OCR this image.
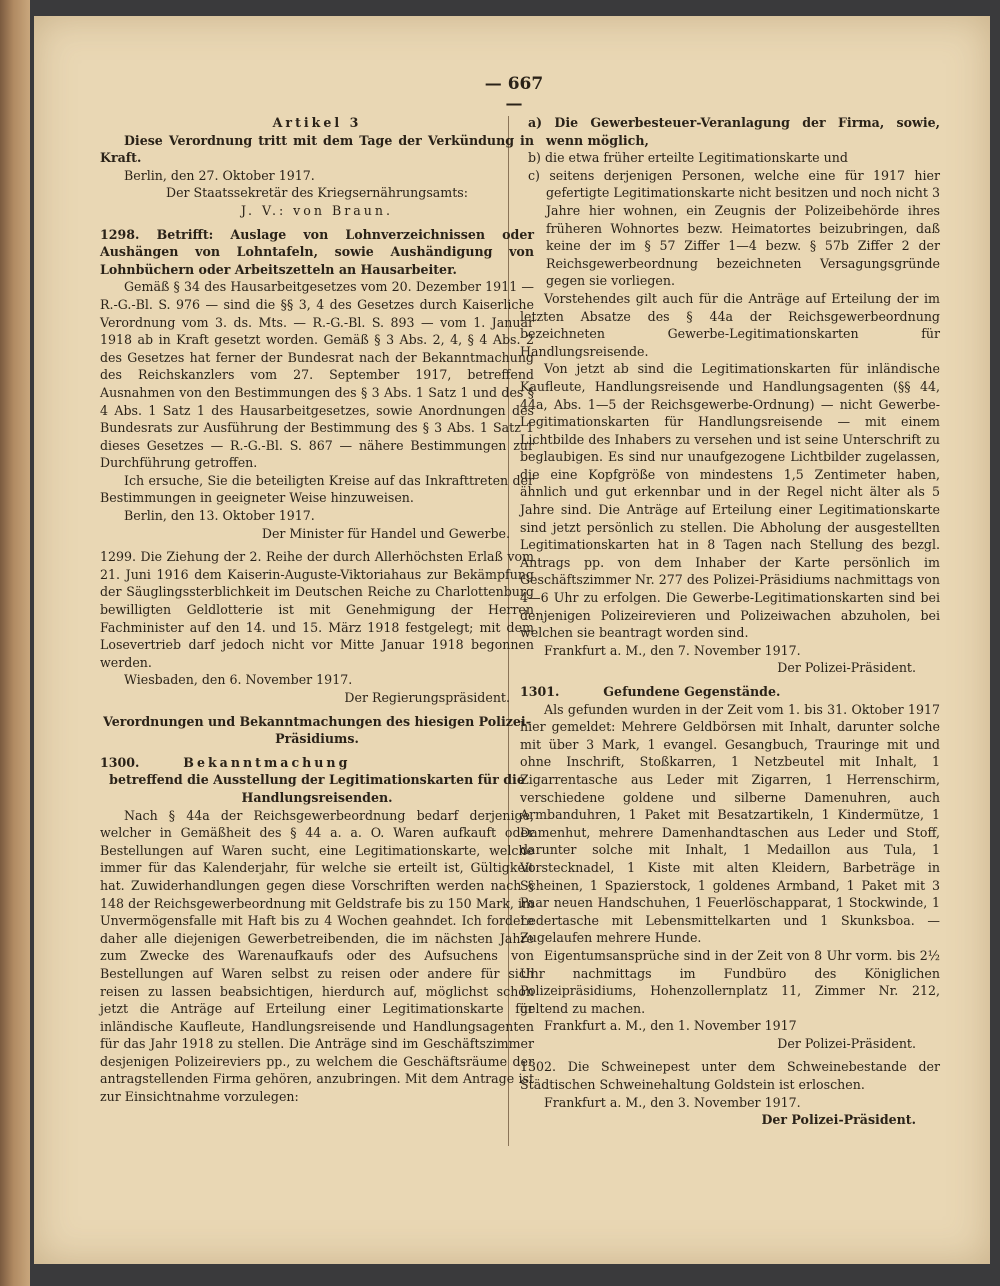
— 667 —

Artikel 3

Diese Verordnung tritt mit dem Tage der Verkündung in Kraft.

Berlin, den 27. Oktober 1917.

Der Staatssekretär des Kriegsernährungsamts:

J. V.: von Braun.

1298. Betrifft: Auslage von Lohnverzeichnissen oder Aushängen von Lohntafeln, sowie Aushändigung von Lohnbüchern oder Arbeitszetteln an Hausarbeiter.

Gemäß § 34 des Hausarbeitgesetzes vom 20. Dezember 1911 — R.-G.-Bl. S. 976 — sind die §§ 3, 4 des Gesetzes durch Kaiserliche Verordnung vom 3. ds. Mts. — R.-G.-Bl. S. 893 — vom 1. Januar 1918 ab in Kraft gesetzt worden. Gemäß § 3 Abs. 2, 4, § 4 Abs. 2 des Gesetzes hat ferner der Bundesrat nach der Bekanntmachung des Reichskanzlers vom 27. September 1917, betreffend Ausnahmen von den Bestimmungen des § 3 Abs. 1 Satz 1 und des § 4 Abs. 1 Satz 1 des Hausarbeitgesetzes, sowie Anordnungen des Bundesrats zur Ausführung der Bestimmung des § 3 Abs. 1 Satz 1 dieses Gesetzes — R.-G.-Bl. S. 867 — nähere Bestimmungen zur Durchführung getroffen.

Ich ersuche, Sie die beteiligten Kreise auf das Inkrafttreten der Bestimmungen in geeigneter Weise hinzuweisen.

Berlin, den 13. Oktober 1917.

Der Minister für Handel und Gewerbe.

1299. Die Ziehung der 2. Reihe der durch Allerhöchsten Erlaß vom 21. Juni 1916 dem Kaiserin-Auguste-Viktoriahaus zur Bekämpfung der Säuglingssterblichkeit im Deutschen Reiche zu Charlottenburg bewilligten Geldlotterie ist mit Genehmigung der Herren Fachminister auf den 14. und 15. März 1918 festgelegt; mit dem Losevertrieb darf jedoch nicht vor Mitte Januar 1918 begonnen werden.

Wiesbaden, den 6. November 1917.

Der Regierungspräsident.

Verordnungen und Bekanntmachungen des hiesigen Polizei-Präsidiums.

1300.	Bekanntmachung

betreffend die Ausstellung der Legitimationskarten für die Handlungsreisenden.

Nach § 44a der Reichsgewerbeordnung bedarf derjenige, welcher in Gemäßheit des § 44 a. a. O. Waren aufkauft oder Bestellungen auf Waren sucht, eine Legitimationskarte, welche immer für das Kalenderjahr, für welche sie erteilt ist, Gültigkeit hat. Zuwiderhandlungen gegen diese Vorschriften werden nach § 148 der Reichsgewerbeordnung mit Geldstrafe bis zu 150 Mark, im Unvermögensfalle mit Haft bis zu 4 Wochen geahndet. Ich fordere daher alle diejenigen Gewerbetreibenden, die im nächsten Jahre zum Zwecke des Warenaufkaufs oder des Aufsuchens von Bestellungen auf Waren selbst zu reisen oder andere für sich reisen zu lassen beabsichtigen, hierdurch auf, möglichst schon jetzt die Anträge auf Erteilung einer Legitimationskarte für inländische Kaufleute, Handlungsreisende und Handlungsagenten für das Jahr 1918 zu stellen. Die Anträge sind im Geschäftszimmer desjenigen Polizeireviers pp., zu welchem die Geschäftsräume der antragstellenden Firma gehören, anzubringen. Mit dem Antrage ist zur Einsichtnahme vorzulegen:

a) Die Gewerbesteuer-Veranlagung der Firma, sowie, wenn möglich,

b) die etwa früher erteilte Legitimationskarte und

c) seitens derjenigen Personen, welche eine für 1917 hier gefertigte Legitimationskarte nicht besitzen und noch nicht 3 Jahre hier wohnen, ein Zeugnis der Polizeibehörde ihres früheren Wohnortes bezw. Heimatortes beizubringen, daß keine der im § 57 Ziffer 1—4 bezw. § 57b Ziffer 2 der Reichsgewerbeordnung bezeichneten Versagungsgründe gegen sie vorliegen.

Vorstehendes gilt auch für die Anträge auf Erteilung der im letzten Absatze des § 44a der Reichsgewerbeordnung bezeichneten Gewerbe-Legitimationskarten für Handlungsreisende.

Von jetzt ab sind die Legitimationskarten für inländische Kaufleute, Handlungsreisende und Handlungsagenten (§§ 44, 44a, Abs. 1—5 der Reichsgewerbe-Ordnung) — nicht Gewerbe-Legitimationskarten für Handlungsreisende — mit einem Lichtbilde des Inhabers zu versehen und ist seine Unterschrift zu beglaubigen. Es sind nur unaufgezogene Lichtbilder zugelassen, die eine Kopfgröße von mindestens 1,5 Zentimeter haben, ähnlich und gut erkennbar und in der Regel nicht älter als 5 Jahre sind. Die Anträge auf Erteilung einer Legitimationskarte sind jetzt persönlich zu stellen. Die Abholung der ausgestellten Legitimationskarten hat in 8 Tagen nach Stellung des bezgl. Antrags pp. von dem Inhaber der Karte persönlich im Geschäftszimmer Nr. 277 des Polizei-Präsidiums nachmittags von 4—6 Uhr zu erfolgen. Die Gewerbe-Legitimationskarten sind bei denjenigen Polizeirevieren und Polizeiwachen abzuholen, bei welchen sie beantragt worden sind.

Frankfurt a. M., den 7. November 1917.

Der Polizei-Präsident.

1301.	Gefundene Gegenstände.

Als gefunden wurden in der Zeit vom 1. bis 31. Oktober 1917 hier gemeldet: Mehrere Geldbörsen mit Inhalt, darunter solche mit über 3 Mark, 1 evangel. Gesangbuch, Trauringe mit und ohne Inschrift, Stoßkarren, 1 Netzbeutel mit Inhalt, 1 Zigarrentasche aus Leder mit Zigarren, 1 Herrenschirm, verschiedene goldene und silberne Damenuhren, auch Armbanduhren, 1 Paket mit Besatzartikeln, 1 Kindermütze, 1 Damenhut, mehrere Damenhandtaschen aus Leder und Stoff, darunter solche mit Inhalt, 1 Medaillon aus Tula, 1 Vorstecknadel, 1 Kiste mit alten Kleidern, Barbeträge in Scheinen, 1 Spazierstock, 1 goldenes Armband, 1 Paket mit 3 Paar neuen Handschuhen, 1 Feuerlöschapparat, 1 Stockwinde, 1 Ledertasche mit Lebensmittelkarten und 1 Skunksboa. — Zugelaufen mehrere Hunde.

Eigentumsansprüche sind in der Zeit von 8 Uhr vorm. bis 2½ Uhr nachmittags im Fundbüro des Königlichen Polizeipräsidiums, Hohenzollernplatz 11, Zimmer Nr. 212, geltend zu machen.

Frankfurt a. M., den 1. November 1917

Der Polizei-Präsident.

1302. Die Schweinepest unter dem Schweinebestande der Städtischen Schweinehaltung Goldstein ist erloschen.

Frankfurt a. M., den 3. November 1917.

Der Polizei-Präsident.
